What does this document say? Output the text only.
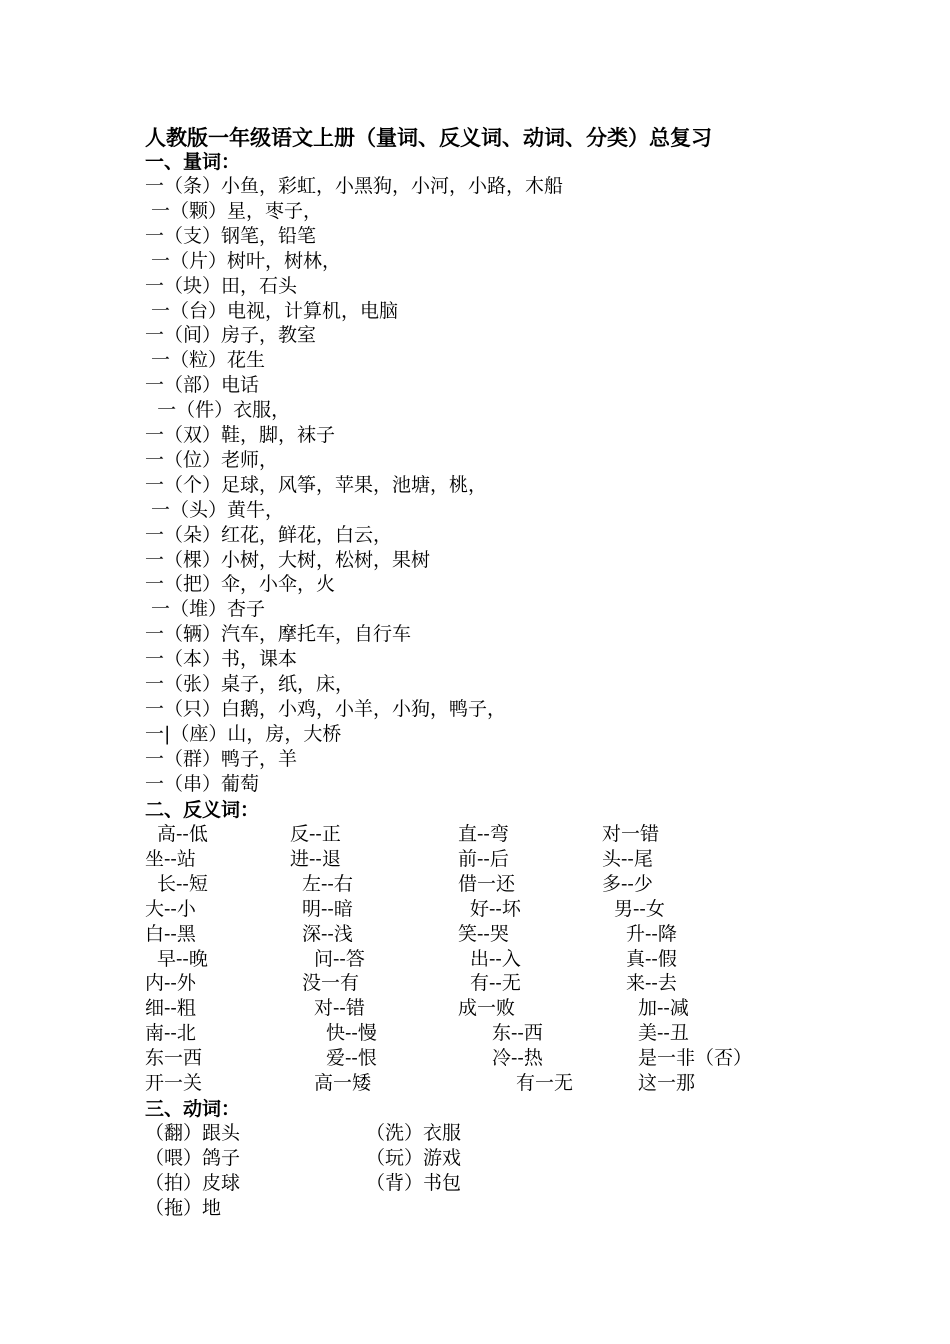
人教版一年级语文上册（量词、反义词、动词、分类）总复习
一、量词：
一（条）小鱼，彩虹，小黑狗，小河，小路，木船
一（颗）星，枣子，
一（支）钢笔，铅笔
一（片）树叶，树林，
一（块）田，石头
一（台）电视，计算机，电脑
一（间）房子，教室
一（粒）花生
一（部）电话
一（件）衣服，
一（双）鞋，脚，袜子
一（位）老师，
一（个）足球，风筝，苹果，池塘，桃，
一（头）黄牛，
一（朵）红花，鲜花，白云，
一（棵）小树，大树，松树，果树
一（把）伞，小伞，火
一（堆）杏子
一（辆）汽车，摩托车，自行车
一（本）书，课本
一（张）桌子，纸，床，
一（只）白鹅，小鸡，小羊，小狗，鸭子，
一|（座）山，房，大桥
一（群）鸭子，羊
一（串）葡萄
二、反义词：
高--低	反--正	直--弯	对一错
坐--站	进--退	前--后	头--尾
长--短	左--右	借一还	多--少
大--小	明--暗	好--坏	男--女
白--黑	深--浅	笑--哭	升--降
早--晚	问--答	出--入	真--假
内--外	没一有	有--无	来--去
细--粗	对--错	成一败	加--减
南--北	快--慢	东--西	美--丑
东一西	爱--恨	冷--热	是一非（否）
开一关	高一矮	有一无	这一那
三、动词：
（翻）跟头	（洗）衣服
（喂）鸽子	（玩）游戏
（拍）皮球	（背）书包
（拖）地
